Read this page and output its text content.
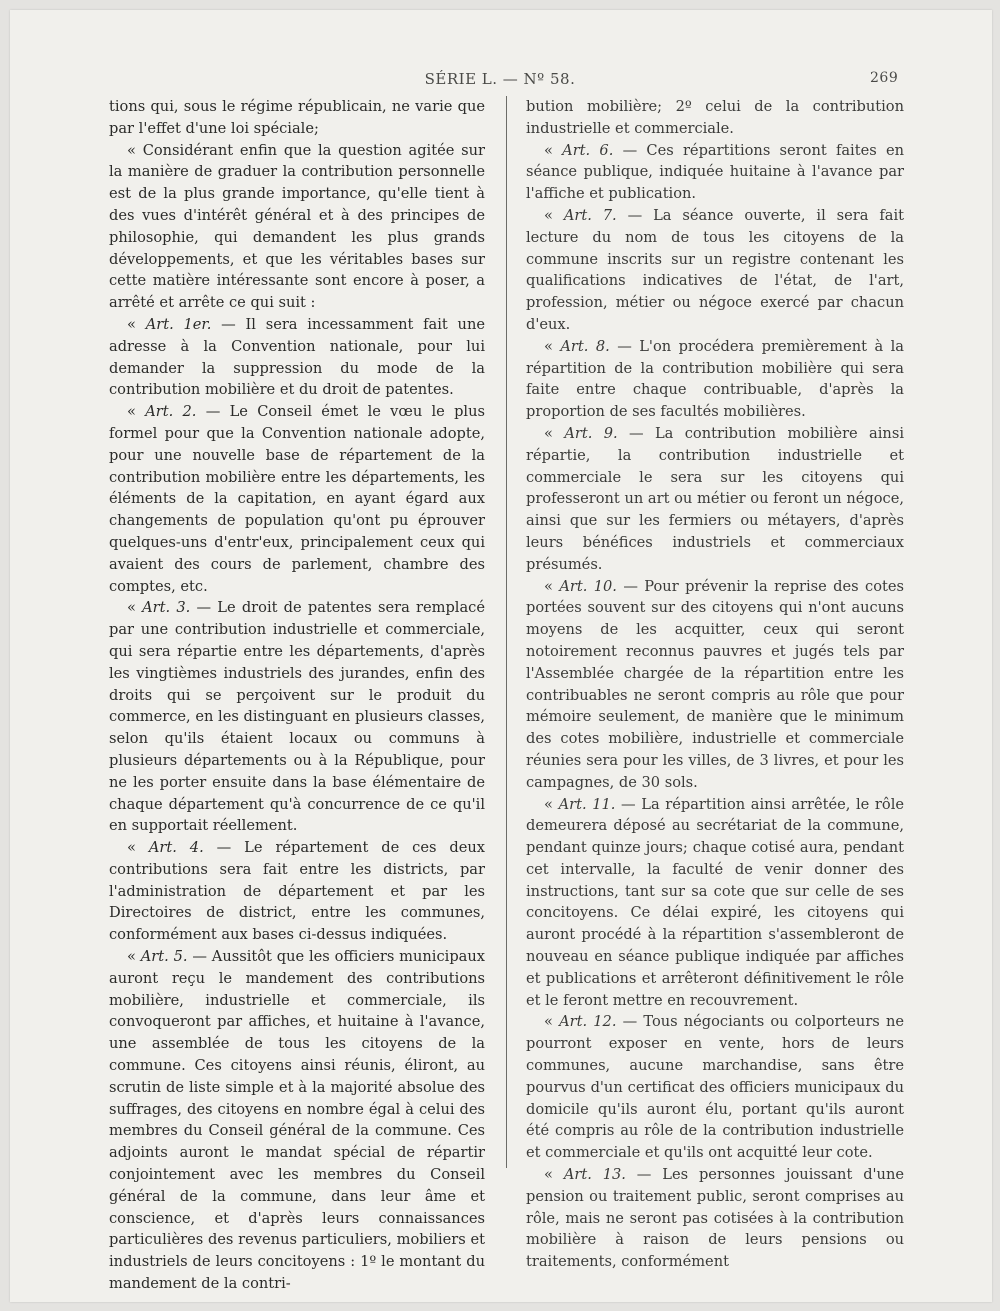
SÉRIE L. — Nº 58.	269

tions qui, sous le régime républicain, ne varie que par l'effet d'une loi spéciale;

« Considérant enfin que la question agitée sur la manière de graduer la contribution personnelle est de la plus grande importance, qu'elle tient à des vues d'intérêt général et à des principes de philosophie, qui demandent les plus grands développements, et que les véritables bases sur cette matière intéressante sont encore à poser, a arrêté et arrête ce qui suit :

« Art. 1er. — Il sera incessamment fait une adresse à la Convention nationale, pour lui demander la suppression du mode de la contribution mobilière et du droit de patentes.

« Art. 2. — Le Conseil émet le vœu le plus formel pour que la Convention nationale adopte, pour une nouvelle base de répartement de la contribution mobilière entre les départements, les éléments de la capitation, en ayant égard aux changements de population qu'ont pu éprouver quelques-uns d'entr'eux, principalement ceux qui avaient des cours de parlement, chambre des comptes, etc.

« Art. 3. — Le droit de patentes sera remplacé par une contribution industrielle et commerciale, qui sera répartie entre les départements, d'après les vingtièmes industriels des jurandes, enfin des droits qui se perçoivent sur le produit du commerce, en les distinguant en plusieurs classes, selon qu'ils étaient locaux ou communs à plusieurs départements ou à la République, pour ne les porter ensuite dans la base élémentaire de chaque département qu'à concurrence de ce qu'il en supportait réellement.

« Art. 4. — Le répartement de ces deux contributions sera fait entre les districts, par l'administration de département et par les Directoires de district, entre les communes, conformément aux bases ci-dessus indiquées.

« Art. 5. — Aussitôt que les officiers municipaux auront reçu le mandement des contributions mobilière, industrielle et commerciale, ils convoqueront par affiches, et huitaine à l'avance, une assemblée de tous les citoyens de la commune. Ces citoyens ainsi réunis, éliront, au scrutin de liste simple et à la majorité absolue des suffrages, des citoyens en nombre égal à celui des membres du Conseil général de la commune. Ces adjoints auront le mandat spécial de répartir conjointement avec les membres du Conseil général de la commune, dans leur âme et conscience, et d'après leurs connaissances particulières des revenus particuliers, mobiliers et industriels de leurs concitoyens : 1º le montant du mandement de la contri-

bution mobilière; 2º celui de la contribution industrielle et commerciale.

« Art. 6. — Ces répartitions seront faites en séance publique, indiquée huitaine à l'avance par l'affiche et publication.

« Art. 7. — La séance ouverte, il sera fait lecture du nom de tous les citoyens de la commune inscrits sur un registre contenant les qualifications indicatives de l'état, de l'art, profession, métier ou négoce exercé par chacun d'eux.

« Art. 8. — L'on procédera premièrement à la répartition de la contribution mobilière qui sera faite entre chaque contribuable, d'après la proportion de ses facultés mobilières.

« Art. 9. — La contribution mobilière ainsi répartie, la contribution industrielle et commerciale le sera sur les citoyens qui professeront un art ou métier ou feront un négoce, ainsi que sur les fermiers ou métayers, d'après leurs bénéfices industriels et commerciaux présumés.

« Art. 10. — Pour prévenir la reprise des cotes portées souvent sur des citoyens qui n'ont aucuns moyens de les acquitter, ceux qui seront notoirement reconnus pauvres et jugés tels par l'Assemblée chargée de la répartition entre les contribuables ne seront compris au rôle que pour mémoire seulement, de manière que le minimum des cotes mobilière, industrielle et commerciale réunies sera pour les villes, de 3 livres, et pour les campagnes, de 30 sols.

« Art. 11. — La répartition ainsi arrêtée, le rôle demeurera déposé au secrétariat de la commune, pendant quinze jours; chaque cotisé aura, pendant cet intervalle, la faculté de venir donner des instructions, tant sur sa cote que sur celle de ses concitoyens. Ce délai expiré, les citoyens qui auront procédé à la répartition s'assembleront de nouveau en séance publique indiquée par affiches et publications et arrêteront définitivement le rôle et le feront mettre en recouvrement.

« Art. 12. — Tous négociants ou colporteurs ne pourront exposer en vente, hors de leurs communes, aucune marchandise, sans être pourvus d'un certificat des officiers municipaux du domicile qu'ils auront élu, portant qu'ils auront été compris au rôle de la contribution industrielle et commerciale et qu'ils ont acquitté leur cote.

« Art. 13. — Les personnes jouissant d'une pension ou traitement public, seront comprises au rôle, mais ne seront pas cotisées à la contribution mobilière à raison de leurs pensions ou traitements, conformément
